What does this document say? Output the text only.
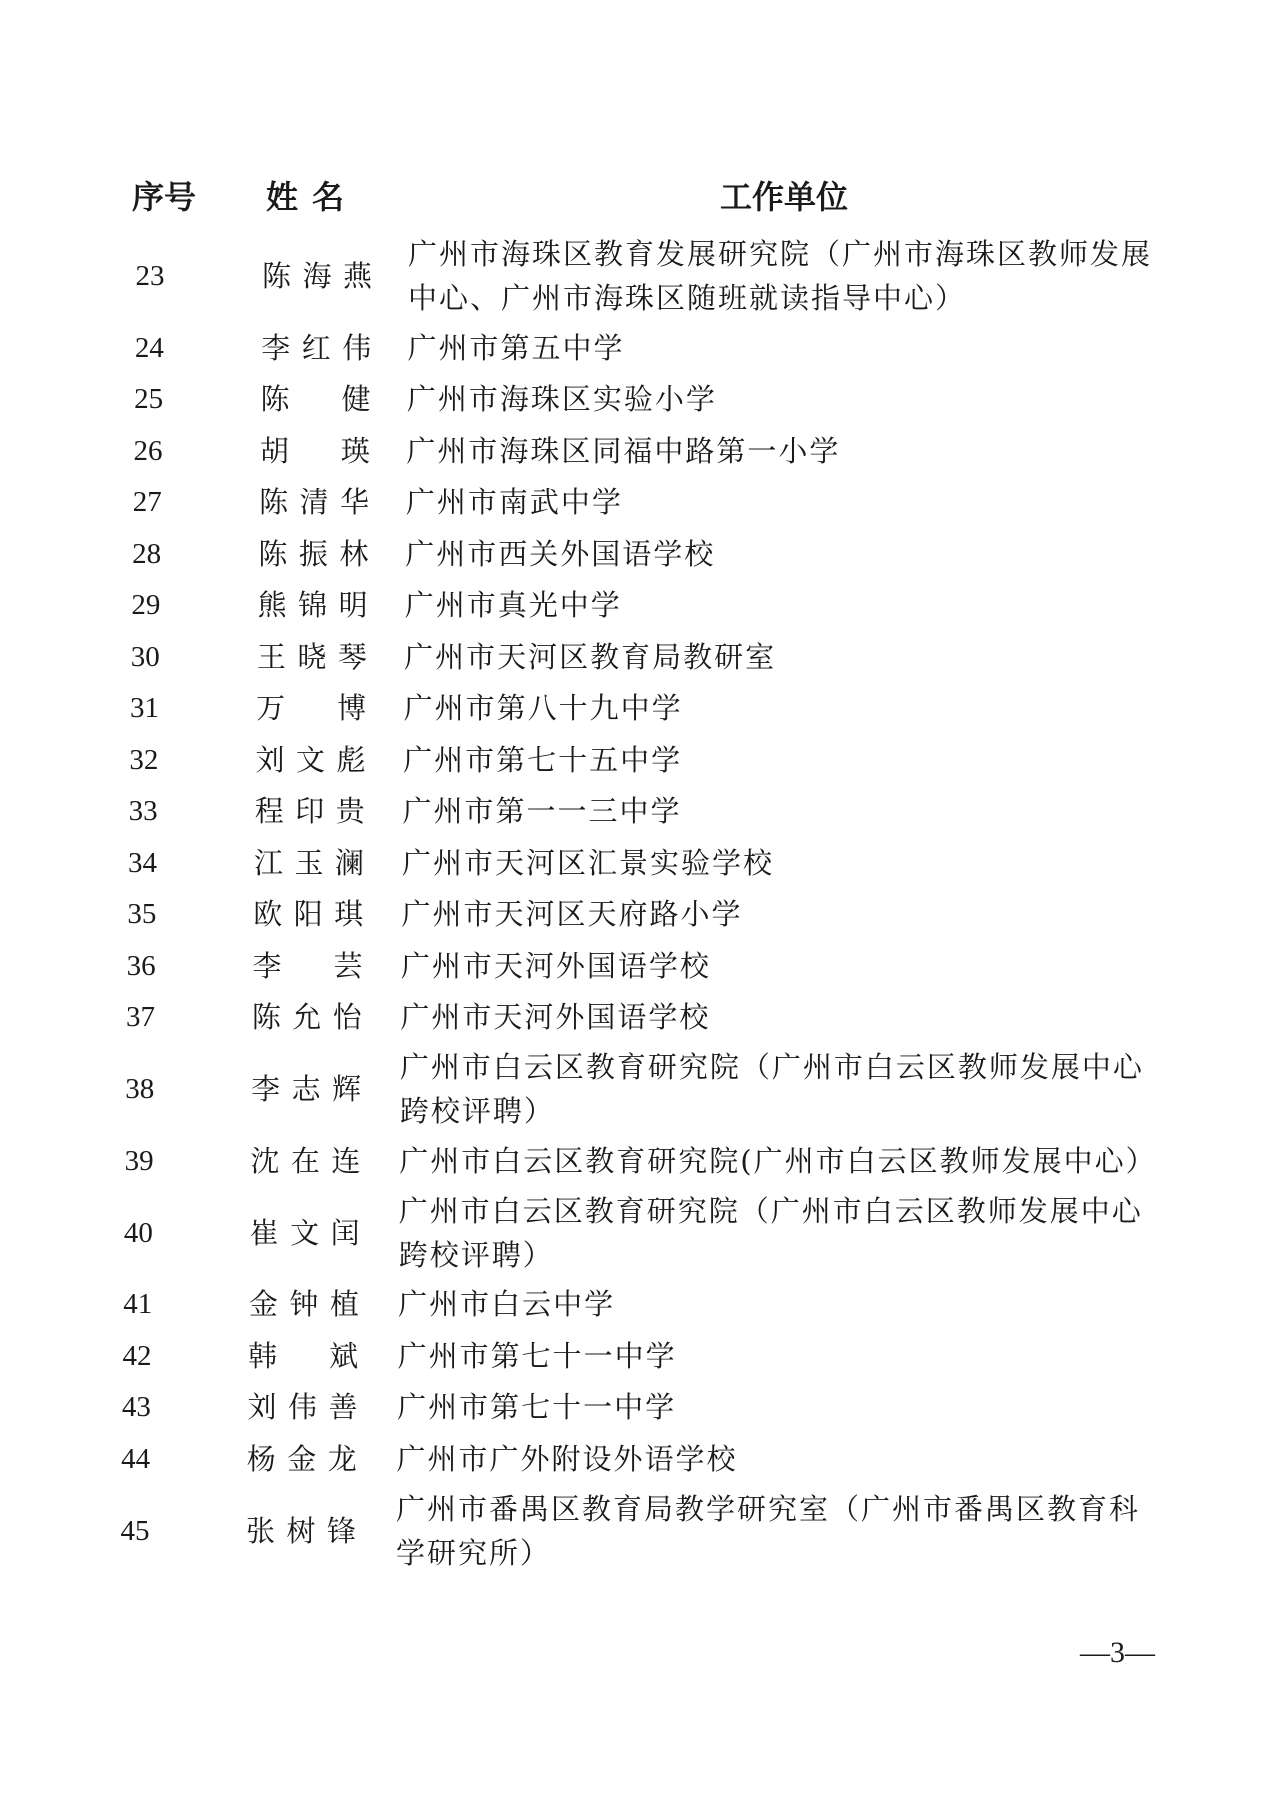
序号 姓名	工作单位
23	陈海燕
广州市海珠区教育发展研究院（广州市海珠区教师发展
中心、广州市海珠区随班就读指导中心）
24	李红伟 广州市第五中学
25	陈健 广州市海珠区实验小学
26	胡瑛 广州市海珠区同福中路第一小学
27	陈清华 广州市南武中学
28	陈振林 广州市西关外国语学校
29	熊锦明 广州市真光中学
30	王晓琴 广州市天河区教育局教研室
31	万博 广州市第八十九中学
32	刘文彪 广州市第七十五中学
33	程印贵 广州市第一一三中学
34	江玉澜 广州市天河区汇景实验学校
35	欧阳琪 广州市天河区天府路小学
36	李芸 广州市天河外国语学校
37	陈允怡 广州市天河外国语学校
38	李志辉
广州市白云区教育研究院（广州市白云区教师发展中心
跨校评聘）
39	沈在连 广州市白云区教育研究院(广州市白云区教师发展中心）
40	崔文闰
广州市白云区教育研究院（广州市白云区教师发展中心
跨校评聘）
41	金钟植 广州市白云中学
42	韩斌 广州市第七十一中学
43	刘伟善 广州市第七十一中学
44	杨金龙 广州市广外附设外语学校
45	张树锋
广州市番禺区教育局教学研究室（广州市番禺区教育科
学研究所）
—3—
